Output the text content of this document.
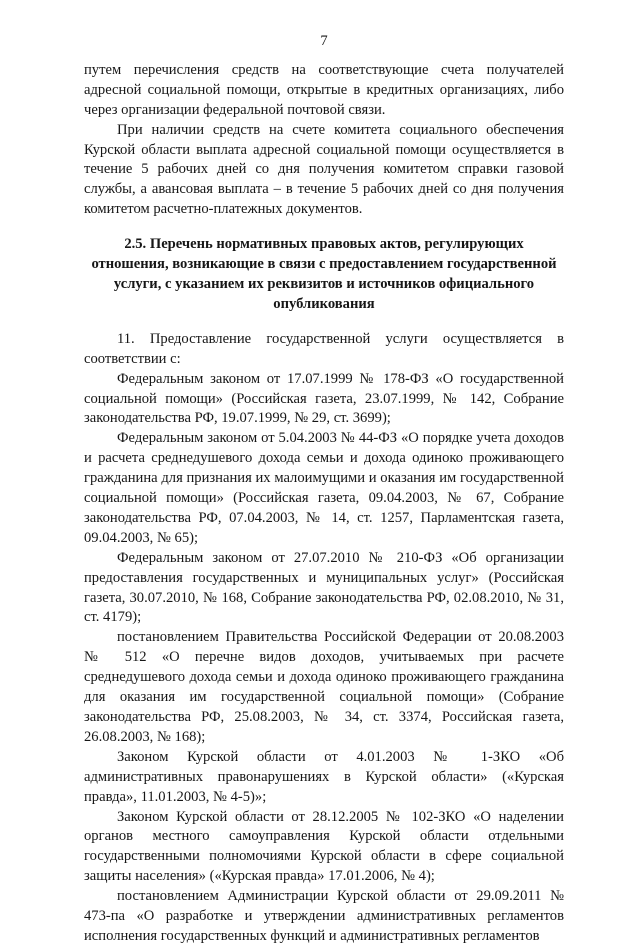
7

путем перечисления средств на соответствующие счета получателей адресной социальной помощи, открытые в кредитных организациях, либо через организации федеральной почтовой связи.

При наличии средств на счете комитета социального обеспечения Курской области выплата адресной социальной помощи осуществляется в течение 5 рабочих дней со дня получения комитетом справки газовой службы, а авансовая выплата – в течение 5 рабочих дней со дня получения комитетом расчетно-платежных документов.

2.5. Перечень нормативных правовых актов, регулирующих отношения, возникающие в связи с предоставлением государственной услуги, с указанием их реквизитов и источников официального опубликования

11. Предоставление государственной услуги осуществляется в соответствии с:

Федеральным законом от 17.07.1999 № 178-ФЗ «О государственной социальной помощи» (Российская газета, 23.07.1999, № 142, Собрание законодательства РФ, 19.07.1999, № 29, ст. 3699);

Федеральным законом от 5.04.2003 № 44-ФЗ «О порядке учета доходов и расчета среднедушевого дохода семьи и дохода одиноко проживающего гражданина для признания их малоимущими и оказания им государственной социальной помощи» (Российская газета, 09.04.2003, № 67, Собрание законодательства РФ, 07.04.2003, № 14, ст. 1257, Парламентская газета, 09.04.2003, № 65);

Федеральным законом от 27.07.2010 № 210-ФЗ «Об организации предоставления государственных и муниципальных услуг» (Российская газета, 30.07.2010, № 168, Собрание законодательства РФ, 02.08.2010, № 31, ст. 4179);

постановлением Правительства Российской Федерации от 20.08.2003 № 512 «О перечне видов доходов, учитываемых при расчете среднедушевого дохода семьи и дохода одиноко проживающего гражданина для оказания им государственной социальной помощи» (Собрание законодательства РФ, 25.08.2003, № 34, ст. 3374, Российская газета, 26.08.2003, № 168);

Законом Курской области от 4.01.2003 № 1-ЗКО «Об административных правонарушениях в Курской области» («Курская правда», 11.01.2003, № 4-5)»;

Законом Курской области от 28.12.2005 № 102-ЗКО «О наделении органов местного самоуправления Курской области отдельными государственными полномочиями Курской области в сфере социальной защиты населения» («Курская правда» 17.01.2006, № 4);

постановлением Администрации Курской области от 29.09.2011 № 473-па «О разработке и утверждении административных регламентов исполнения государственных функций и административных регламентов
